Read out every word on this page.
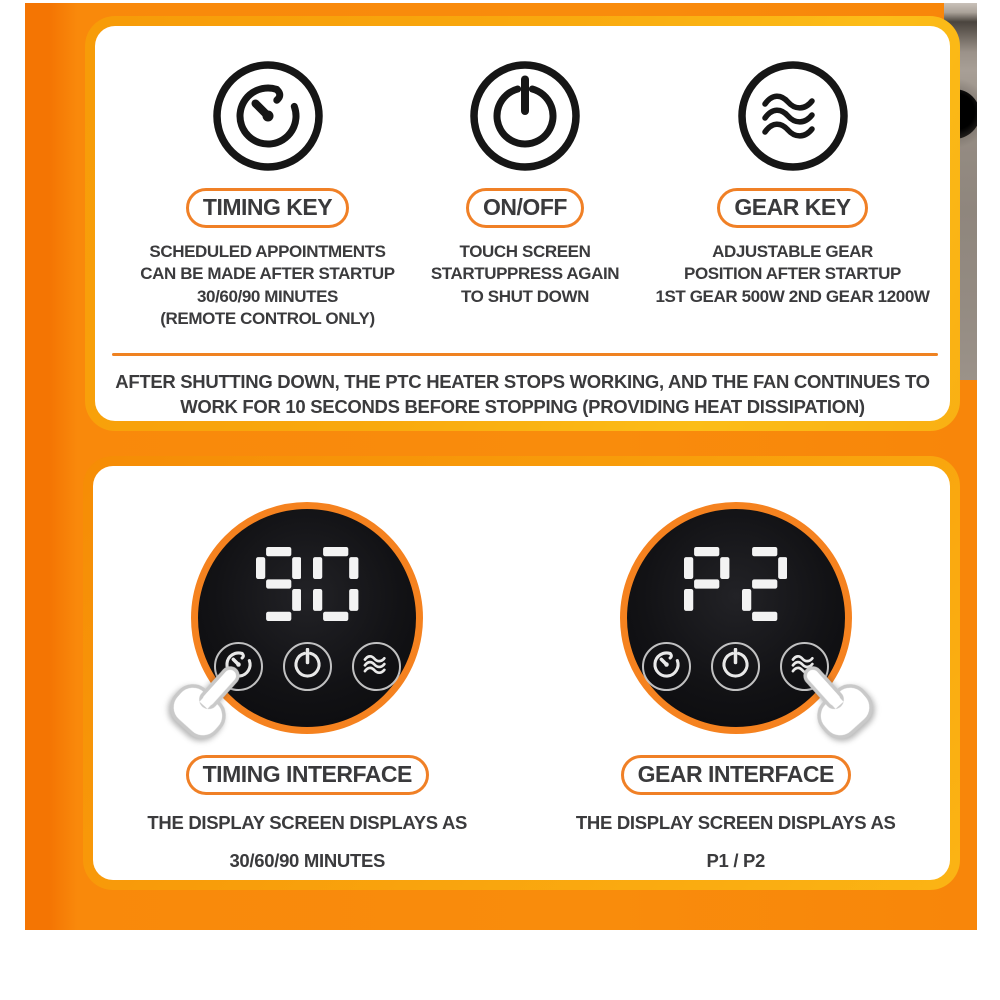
TIMING KEY
SCHEDULED APPOINTMENTS
CAN BE MADE AFTER STARTUP
30/60/90 MINUTES
(REMOTE CONTROL ONLY)
ON/OFF
TOUCH SCREEN
STARTUPPRESS AGAIN
TO SHUT DOWN
GEAR KEY
ADJUSTABLE GEAR
POSITION AFTER STARTUP
1ST GEAR 500W 2ND GEAR 1200W
AFTER SHUTTING DOWN, THE PTC HEATER STOPS WORKING, AND THE FAN CONTINUES TO
WORK FOR 10 SECONDS BEFORE STOPPING (PROVIDING HEAT DISSIPATION)
TIMING INTERFACE
THE DISPLAY SCREEN DISPLAYS AS
30/60/90 MINUTES
GEAR INTERFACE
THE DISPLAY SCREEN DISPLAYS AS
P1 / P2
